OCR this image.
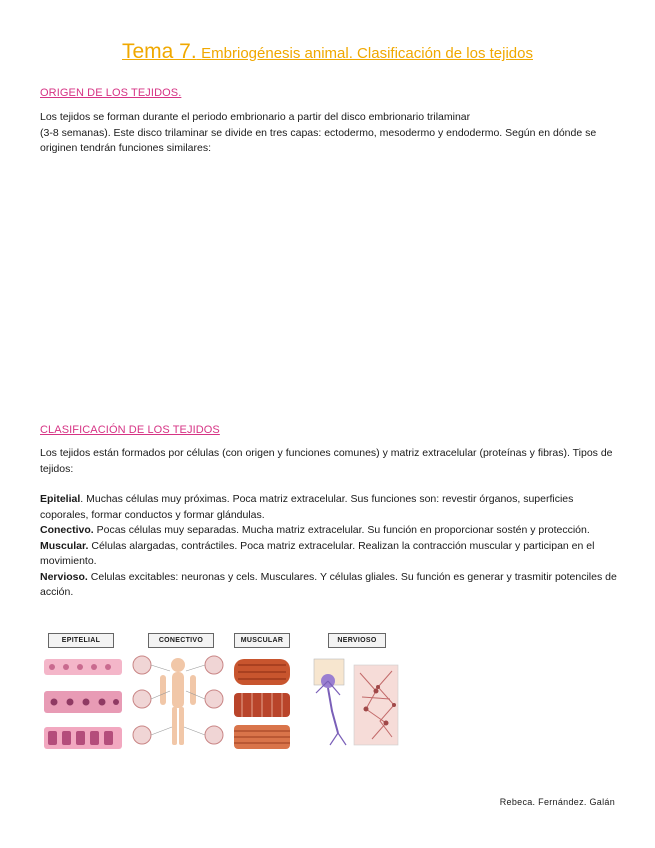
Tema 7. Embriogénesis animal. Clasificación de los tejidos
ORIGEN DE LOS TEJIDOS.

Los tejidos se forman durante el periodo embrionario a partir del disco embrionario trilaminar
(3-8 semanas). Este disco trilaminar se divide en tres capas: ectodermo, mesodermo y endodermo. Según en dónde se originen tendrán funciones similares:

CLASIFICACIÓN DE LOS TEJIDOS

Los tejidos están formados por células (con origen y funciones comunes) y matriz extracelular (proteínas y fibras). Tipos de tejidos:

Epitelial. Muchas células muy próximas. Poca matriz extracelular. Sus funciones son: revestir órganos, superficies coporales, formar conductos y formar glándulas.
Conectivo. Pocas células muy separadas. Mucha matriz extracelular. Su función en proporcionar sostén y protección.
Muscular. Células alargadas, contráctiles. Poca matriz extracelular. Realizan la contracción muscular y participan en el movimiento.
Nervioso. Celulas excitables: neuronas y cels. Musculares. Y células gliales. Su función es generar y trasmitir potenciles de acción.
EPITELIAL	CONECTIVO	MUSCULAR	NERVIOSO
Rebeca. Fernández. Galán
